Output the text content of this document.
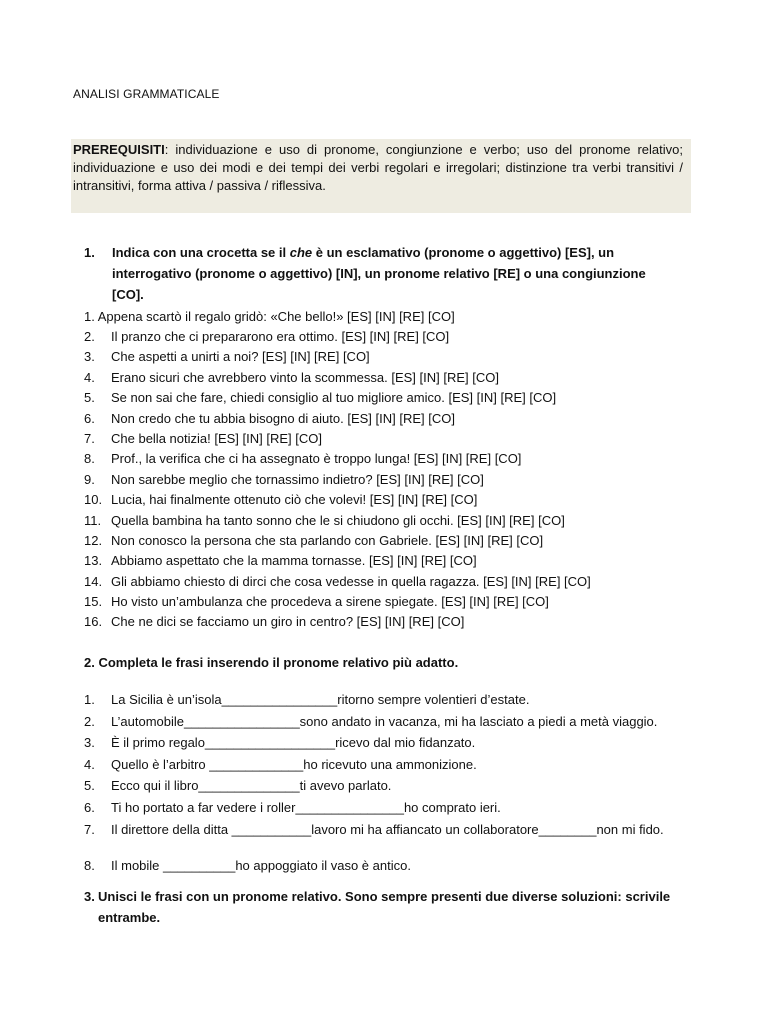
ANALISI GRAMMATICALE
PREREQUISITI: individuazione e uso di pronome, congiunzione e verbo; uso del pronome relativo; individuazione e uso dei modi e dei tempi dei verbi regolari e irregolari; distinzione tra verbi transitivi / intransitivi, forma attiva / passiva / riflessiva.
1. Indica con una crocetta se il che è un esclamativo (pronome o aggettivo) [ES], un interrogativo (pronome o aggettivo) [IN], un pronome relativo [RE] o una congiunzione [CO].
1. Appena scartò il regalo gridò: «Che bello!» [ES] [IN] [RE] [CO]
2. Il pranzo che ci prepararono era ottimo. [ES] [IN] [RE] [CO]
3. Che aspetti a unirti a noi? [ES] [IN] [RE] [CO]
4. Erano sicuri che avrebbero vinto la scommessa. [ES] [IN] [RE] [CO]
5. Se non sai che fare, chiedi consiglio al tuo migliore amico. [ES] [IN] [RE] [CO]
6. Non credo che tu abbia bisogno di aiuto. [ES] [IN] [RE] [CO]
7. Che bella notizia! [ES] [IN] [RE] [CO]
8. Prof., la verifica che ci ha assegnato è troppo lunga! [ES] [IN] [RE] [CO]
9. Non sarebbe meglio che tornassimo indietro? [ES] [IN] [RE] [CO]
10. Lucia, hai finalmente ottenuto ciò che volevi! [ES] [IN] [RE] [CO]
11. Quella bambina ha tanto sonno che le si chiudono gli occhi. [ES] [IN] [RE] [CO]
12. Non conosco la persona che sta parlando con Gabriele. [ES] [IN] [RE] [CO]
13. Abbiamo aspettato che la mamma tornasse. [ES] [IN] [RE] [CO]
14. Gli abbiamo chiesto di dirci che cosa vedesse in quella ragazza. [ES] [IN] [RE] [CO]
15. Ho visto un’ambulanza che procedeva a sirene spiegate. [ES] [IN] [RE] [CO]
16. Che ne dici se facciamo un giro in centro? [ES] [IN] [RE] [CO]
2. Completa le frasi inserendo il pronome relativo più adatto.
1. La Sicilia è un’isola________________ritorno sempre volentieri d’estate.
2. L’automobile________________sono andato in vacanza, mi ha lasciato a piedi a metà viaggio.
3. È il primo regalo__________________ricevo dal mio fidanzato.
4. Quello è l’arbitro _____________ho ricevuto una ammonizione.
5. Ecco qui il libro______________ti avevo parlato.
6. Ti ho portato a far vedere i roller_______________ho comprato ieri.
7. Il direttore della ditta ___________lavoro mi ha affiancato un collaboratore________non mi fido.
8. Il mobile __________ho appoggiato il vaso è antico.
3. Unisci le frasi con un pronome relativo. Sono sempre presenti due diverse soluzioni: scrivile entrambe.
